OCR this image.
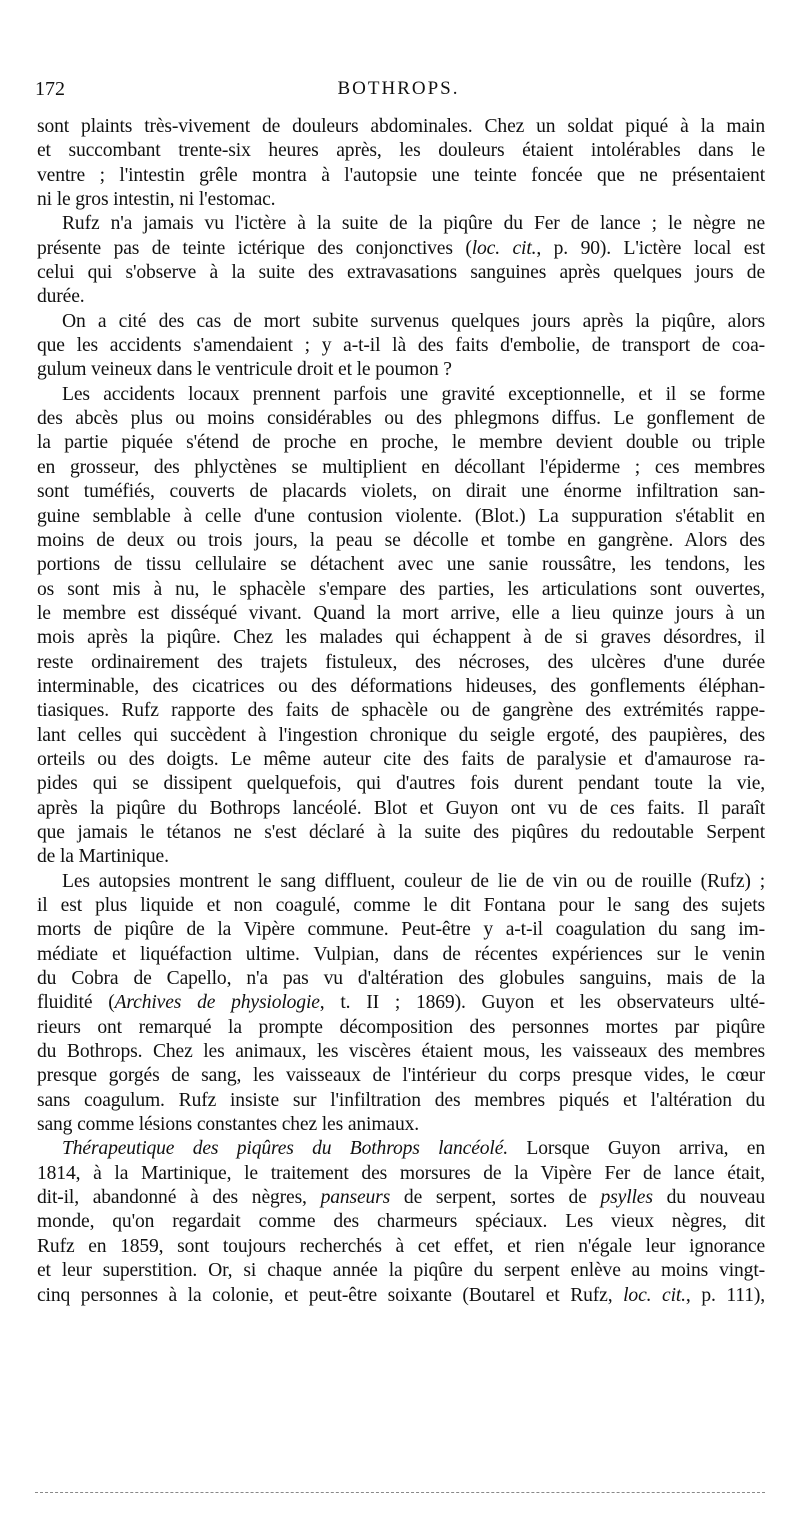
172	BOTHROPS.

sont plaints très-vivement de douleurs abdominales. Chez un soldat piqué à la main

et succombant trente-six heures après, les douleurs étaient intolérables dans le

ventre ; l'intestin grêle montra à l'autopsie une teinte foncée que ne présentaient

ni le gros intestin, ni l'estomac.

Rufz n'a jamais vu l'ictère à la suite de la piqûre du Fer de lance ; le nègre ne

présente pas de teinte ictérique des conjonctives (loc. cit., p. 90). L'ictère local est

celui qui s'observe à la suite des extravasations sanguines après quelques jours de

durée.

On a cité des cas de mort subite survenus quelques jours après la piqûre, alors

que les accidents s'amendaient ; y a-t-il là des faits d'embolie, de transport de coa-

gulum veineux dans le ventricule droit et le poumon ?

Les accidents locaux prennent parfois une gravité exceptionnelle, et il se forme

des abcès plus ou moins considérables ou des phlegmons diffus. Le gonflement de

la partie piquée s'étend de proche en proche, le membre devient double ou triple

en grosseur, des phlyctènes se multiplient en décollant l'épiderme ; ces membres

sont tuméfiés, couverts de placards violets, on dirait une énorme infiltration san-

guine semblable à celle d'une contusion violente. (Blot.) La suppuration s'établit en

moins de deux ou trois jours, la peau se décolle et tombe en gangrène. Alors des

portions de tissu cellulaire se détachent avec une sanie roussâtre, les tendons, les

os sont mis à nu, le sphacèle s'empare des parties, les articulations sont ouvertes,

le membre est disséqué vivant. Quand la mort arrive, elle a lieu quinze jours à un

mois après la piqûre. Chez les malades qui échappent à de si graves désordres, il

reste ordinairement des trajets fistuleux, des nécroses, des ulcères d'une durée

interminable, des cicatrices ou des déformations hideuses, des gonflements éléphan-

tiasiques. Rufz rapporte des faits de sphacèle ou de gangrène des extrémités rappe-

lant celles qui succèdent à l'ingestion chronique du seigle ergoté, des paupières, des

orteils ou des doigts. Le même auteur cite des faits de paralysie et d'amaurose ra-

pides qui se dissipent quelquefois, qui d'autres fois durent pendant toute la vie,

après la piqûre du Bothrops lancéolé. Blot et Guyon ont vu de ces faits. Il paraît

que jamais le tétanos ne s'est déclaré à la suite des piqûres du redoutable Serpent

de la Martinique.

Les autopsies montrent le sang diffluent, couleur de lie de vin ou de rouille (Rufz) ;

il est plus liquide et non coagulé, comme le dit Fontana pour le sang des sujets

morts de piqûre de la Vipère commune. Peut-être y a-t-il coagulation du sang im-

médiate et liquéfaction ultime. Vulpian, dans de récentes expériences sur le venin

du Cobra de Capello, n'a pas vu d'altération des globules sanguins, mais de la

fluidité (Archives de physiologie, t. II ; 1869). Guyon et les observateurs ulté-

rieurs ont remarqué la prompte décomposition des personnes mortes par piqûre

du Bothrops. Chez les animaux, les viscères étaient mous, les vaisseaux des membres

presque gorgés de sang, les vaisseaux de l'intérieur du corps presque vides, le cœur

sans coagulum. Rufz insiste sur l'infiltration des membres piqués et l'altération du

sang comme lésions constantes chez les animaux.

Thérapeutique des piqûres du Bothrops lancéolé. Lorsque Guyon arriva, en

1814, à la Martinique, le traitement des morsures de la Vipère Fer de lance était,

dit-il, abandonné à des nègres, panseurs de serpent, sortes de psylles du nouveau

monde, qu'on regardait comme des charmeurs spéciaux. Les vieux nègres, dit

Rufz en 1859, sont toujours recherchés à cet effet, et rien n'égale leur ignorance

et leur superstition. Or, si chaque année la piqûre du serpent enlève au moins vingt-

cinq personnes à la colonie, et peut-être soixante (Boutarel et Rufz, loc. cit., p. 111),
